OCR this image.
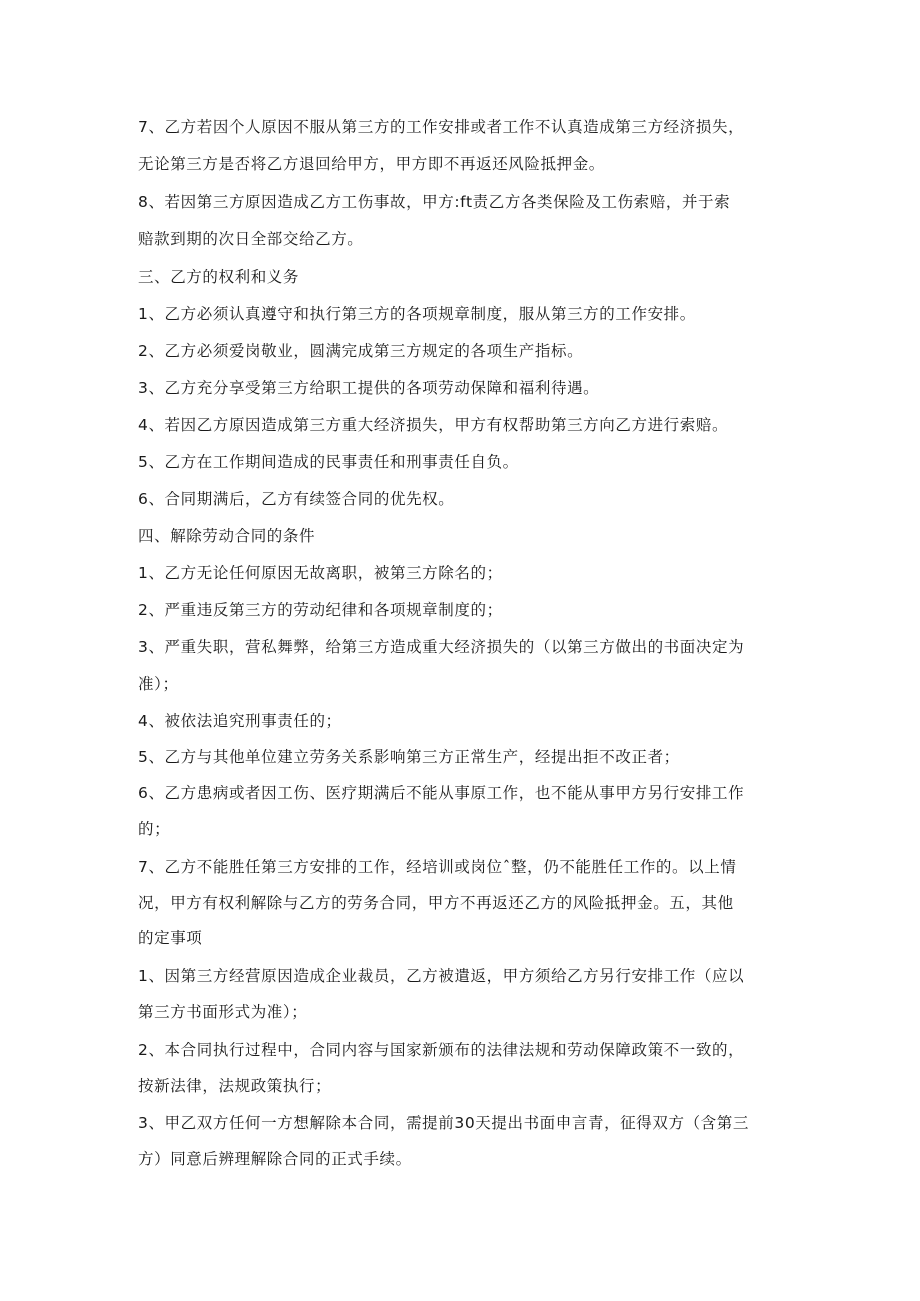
7、乙方若因个人原因不服从第三方的工作安排或者工作不认真造成第三方经济损失，
无论第三方是否将乙方退回给甲方，甲方即不再返还风险抵押金。
8、若因第三方原因造成乙方工伤事故，甲方:ft责乙方各类保险及工伤索赔，并于索
赔款到期的次日全部交给乙方。
三、乙方的权利和义务
1、乙方必须认真遵守和执行第三方的各项规章制度，服从第三方的工作安排。
2、乙方必须爱岗敬业，圆满完成第三方规定的各项生产指标。
3、乙方充分享受第三方给职工提供的各项劳动保障和福利待遇。
4、若因乙方原因造成第三方重大经济损失，甲方有权帮助第三方向乙方进行索赔。
5、乙方在工作期间造成的民事责任和刑事责任自负。
6、合同期满后，乙方有续签合同的优先权。
四、解除劳动合同的条件
1、乙方无论任何原因无故离职，被第三方除名的；
2、严重违反第三方的劳动纪律和各项规章制度的；
3、严重失职，营私舞弊，给第三方造成重大经济损失的（以第三方做出的书面决定为
准）；
4、被依法追究刑事责任的；
5、乙方与其他单位建立劳务关系影响第三方正常生产，经提出拒不改正者；
6、乙方患病或者因工伤、医疗期满后不能从事原工作，也不能从事甲方另行安排工作
的；
7、乙方不能胜任第三方安排的工作，经培训或岗位ˆ整，仍不能胜任工作的。以上情
况，甲方有权利解除与乙方的劳务合同，甲方不再返还乙方的风险抵押金。五，其他
的定事项
1、因第三方经营原因造成企业裁员，乙方被遣返，甲方须给乙方另行安排工作（应以
第三方书面形式为准）；
2、本合同执行过程中，合同内容与国家新颁布的法律法规和劳动保障政策不一致的，
按新法律，法规政策执行；
3、甲乙双方任何一方想解除本合同，需提前30天提出书面申言青，征得双方（含第三
方）同意后辨理解除合同的正式手续。
